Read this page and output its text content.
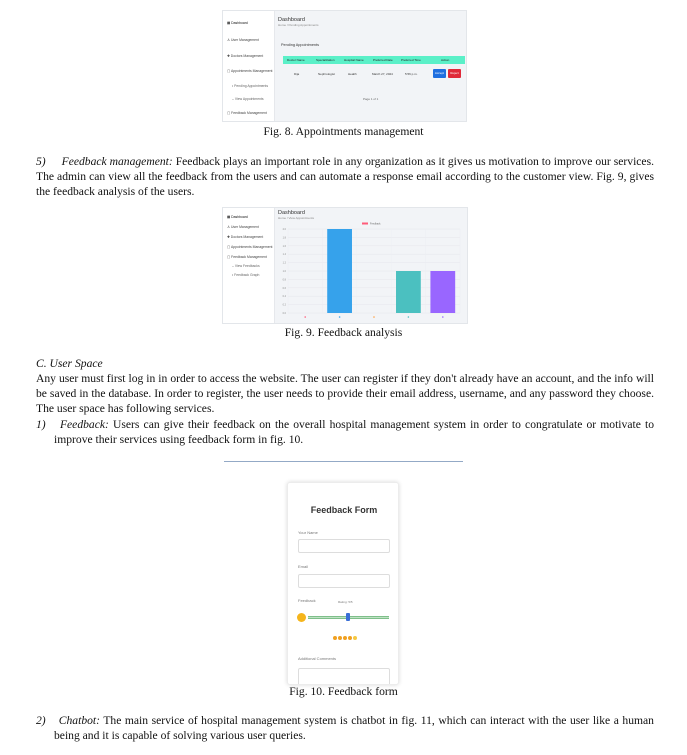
▦ Dashboard
♙ User Management
✚ Doctors Management
▢ Appointments Management
• Pending Appointments
– View Appointments
▢ Feedback Management
Dashboard
Home / Pending Appointments
Pending Appointments
Doctor Name	Specialization	Hospital Name	Preferred Date	Preferred Time	Action
Dija	Nephrologist	Health	March 27, 2024	5:56 p.m.	Accept	Reject
Page 1 of 1
Fig. 8. Appointments management
5) Feedback management: Feedback plays an important role in any organization as it gives us motivation to improve our services. The admin can view all the feedback from the users and can automate a response email according to the customer view. Fig. 9, gives the feedback analysis of the users.
▦ Dashboard
♙ User Management
✚ Doctors Management
▢ Appointments Management
▢ Feedback Management
– View Feedbacks
• Feedback Graph
Dashboard
Home / View Appointments
0.0
0.2
0.4
0.6
0.8
1.0
1.2
1.4
1.6
1.8
2.0
Feedback
Fig. 9. Feedback analysis
C. User Space
Any user must first log in in order to access the website. The user can register if they don't already have an account, and the info will be saved in the database. In order to register, the user needs to provide their email address, username, and any password they choose. The user space has following services.
1) Feedback: Users can give their feedback on the overall hospital management system in order to congratulate or motivate to improve their services using feedback form in fig. 10.
Feedback Form
Your Name
Email
Feedback	Rating: 5/5
Additional Comments
Fig. 10. Feedback form
2) Chatbot: The main service of hospital management system is chatbot in fig. 11, which can interact with the user like a human being and it is capable of solving various user queries.
